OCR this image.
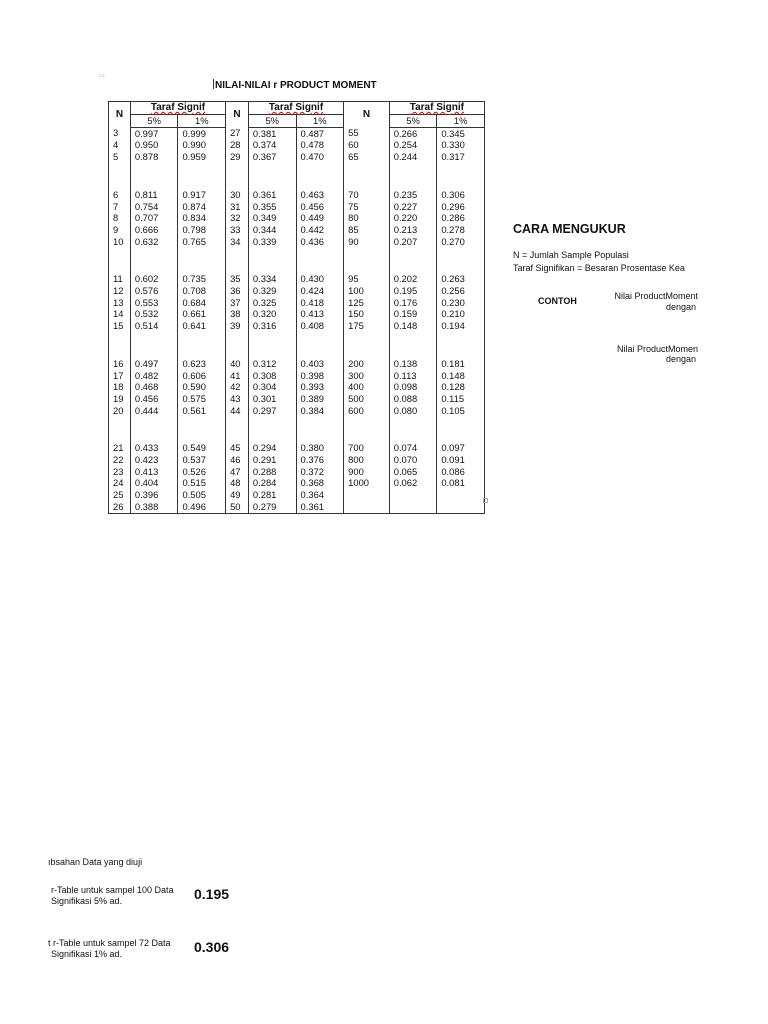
▭
NILAI-NILAI r PRODUCT MOMENT
N	Taraf Signif		N	Taraf Signif		N	Taraf Signif	
	5%	1%		5%	1%		5%	1%
3	0.997	0.999	27	0.381	0.487	55	0.266	0.345
4	0.950	0.990	28	0.374	0.478	60	0.254	0.330
5	0.878	0.959	29	0.367	0.470	65	0.244	0.317

6	0.811	0.917	30	0.361	0.463	70	0.235	0.306
7	0.754	0.874	31	0.355	0.456	75	0.227	0.296
8	0.707	0.834	32	0.349	0.449	80	0.220	0.286
9	0.666	0.798	33	0.344	0.442	85	0.213	0.278
10	0.632	0.765	34	0.339	0.436	90	0.207	0.270

11	0.602	0.735	35	0.334	0.430	95	0.202	0.263
12	0.576	0.708	36	0.329	0.424	100	0.195	0.256
13	0.553	0.684	37	0.325	0.418	125	0.176	0.230
14	0.532	0.661	38	0.320	0.413	150	0.159	0.210
15	0.514	0.641	39	0.316	0.408	175	0.148	0.194

16	0.497	0.623	40	0.312	0.403	200	0.138	0.181
17	0.482	0.606	41	0.308	0.398	300	0.113	0.148
18	0.468	0.590	42	0.304	0.393	400	0.098	0.128
19	0.456	0.575	43	0.301	0.389	500	0.088	0.115
20	0.444	0.561	44	0.297	0.384	600	0.080	0.105

21	0.433	0.549	45	0.294	0.380	700	0.074	0.097
22	0.423	0.537	46	0.291	0.376	800	0.070	0.091
23	0.413	0.526	47	0.288	0.372	900	0.065	0.086
24	0.404	0.515	48	0.284	0.368	1000	0.062	0.081
25	0.396	0.505	49	0.281	0.364			
26	0.388	0.496	50	0.279	0.361			
CARA MENGUKUR
N = Jumlah Sample Populasi
Taraf Signifikan = Besaran Prosentase Kea
CONTOH	Nilai ProductMoment
dengan
Nilai ProductMomen
dengan
ıbsahan Data yang diuji
r-Table untuk sampel 100 Data
Signifikasi 5% ad.	0.195
t r-Table untuk sampel 72 Data
Signifikasi 1% ad.	0.306
